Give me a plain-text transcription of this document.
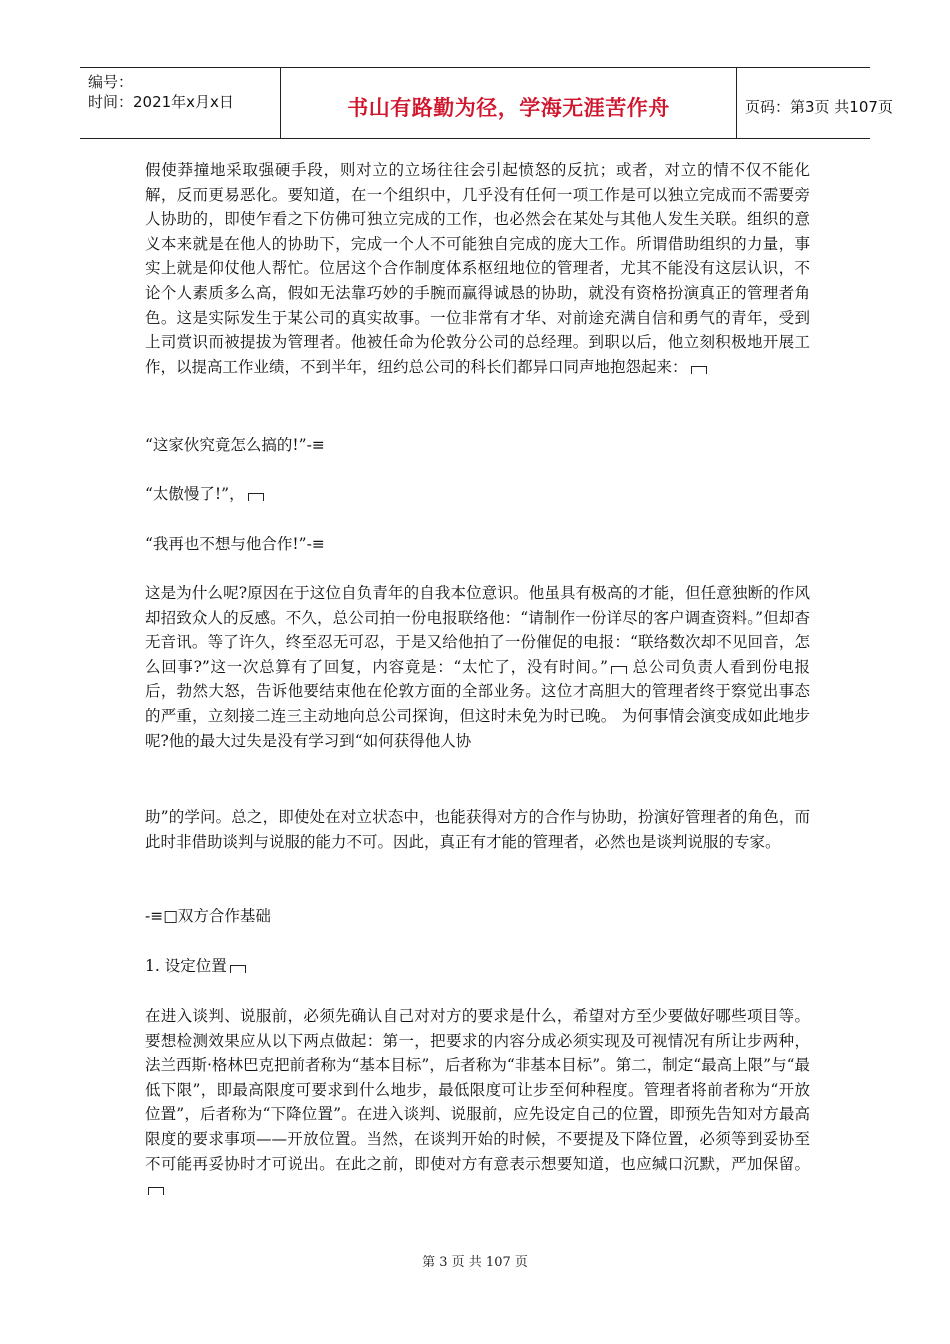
编号：
时间：2021年x月x日	书山有路勤为径，学海无涯苦作舟	页码：第3页 共107页

假使莽撞地采取强硬手段，则对立的立场往往会引起愤怒的反抗；或者，对立的情不仅不能化解，反而更易恶化。要知道，在一个组织中，几乎没有任何一项工作是可以独立完成而不需要旁人协助的，即使乍看之下仿佛可独立完成的工作，也必然会在某处与其他人发生关联。组织的意义本来就是在他人的协助下，完成一个人不可能独自完成的庞大工作。所谓借助组织的力量，事实上就是仰仗他人帮忙。位居这个合作制度体系枢纽地位的管理者，尤其不能没有这层认识，不论个人素质多么高，假如无法靠巧妙的手腕而赢得诚恳的协助，就没有资格扮演真正的管理者角色。这是实际发生于某公司的真实故事。一位非常有才华、对前途充满自信和勇气的青年，受到上司赏识而被提拔为管理者。他被任命为伦敦分公司的总经理。到职以后，他立刻积极地开展工作，以提高工作业绩，不到半年，纽约总公司的科长们都异口同声地抱怨起来：

“这家伙究竟怎么搞的!”-≡

“太傲慢了!”，

“我再也不想与他合作!”-≡

这是为什么呢?原因在于这位自负青年的自我本位意识。他虽具有极高的才能，但任意独断的作风却招致众人的反感。不久，总公司拍一份电报联络他：“请制作一份详尽的客户调查资料。”但却杳无音讯。等了许久，终至忍无可忍，于是又给他拍了一份催促的电报：“联络数次却不见回音，怎么回事?”这一次总算有了回复，内容竟是：“太忙了，没有时间。” 总公司负责人看到份电报后，勃然大怒，告诉他要结束他在伦敦方面的全部业务。这位才高胆大的管理者终于察觉出事态的严重，立刻接二连三主动地向总公司探询，但这时未免为时已晚。 为何事情会演变成如此地步呢?他的最大过失是没有学习到“如何获得他人协

助”的学问。总之，即使处在对立状态中，也能获得对方的合作与协助，扮演好管理者的角色，而此时非借助谈判与说服的能力不可。因此，真正有才能的管理者，必然也是谈判说服的专家。

-≡□双方合作基础

1. 设定位置

在进入谈判、说服前，必须先确认自己对对方的要求是什么，希望对方至少要做好哪些项目等。要想检测效果应从以下两点做起：第一，把要求的内容分成必须实现及可视情况有所让步两种，法兰西斯·格林巴克把前者称为“基本目标”，后者称为“非基本目标”。第二，制定“最高上限”与“最低下限”，即最高限度可要求到什么地步，最低限度可让步至何种程度。管理者将前者称为“开放位置”，后者称为“下降位置”。在进入谈判、说服前，应先设定自己的位置，即预先告知对方最高限度的要求事项——开放位置。当然，在谈判开始的时候，不要提及下降位置，必须等到妥协至不可能再妥协时才可说出。在此之前，即使对方有意表示想要知道，也应缄口沉默，严加保留。

第 3 页 共 107 页
